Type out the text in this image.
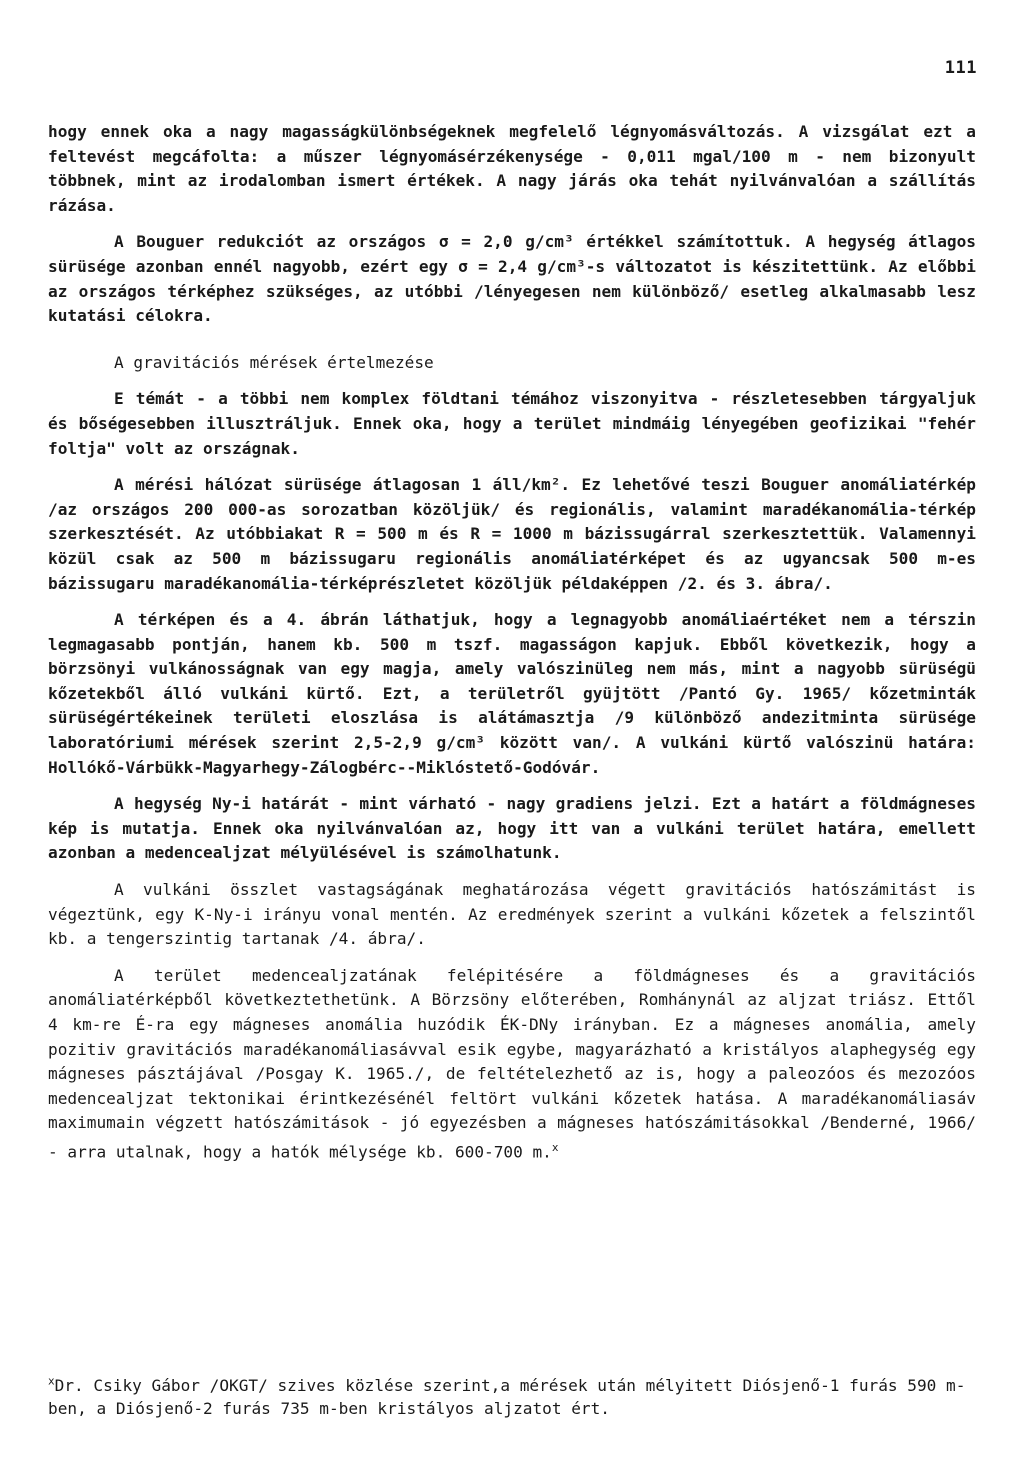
111

hogy ennek oka a nagy magasságkülönbségeknek megfelelő légnyomásváltozás. A vizsgálat ezt a feltevést megcáfolta: a műszer légnyomásérzékenysége - 0,011 mgal/100 m - nem bizonyult többnek, mint az irodalomban ismert értékek. A nagy járás oka tehát nyilvánvalóan a szállítás rázása.

A Bouguer redukciót az országos σ = 2,0 g/cm³ értékkel számítottuk. A hegység átlagos sürüsége azonban ennél nagyobb, ezért egy σ = 2,4 g/cm³-s változatot is készitettünk. Az előbbi az országos térképhez szükséges, az utóbbi /lényegesen nem különböző/ esetleg alkalmasabb lesz kutatási célokra.

A gravitációs mérések értelmezése

E témát - a többi nem komplex földtani témához viszonyitva - részletesebben tárgyaljuk és bőségesebben illusztráljuk. Ennek oka, hogy a terület mindmáig lényegében geofizikai "fehér foltja" volt az országnak.

A mérési hálózat sürüsége átlagosan 1 áll/km². Ez lehetővé teszi Bouguer anomáliatérkép /az országos 200 000-as sorozatban közöljük/ és regionális, valamint maradékanomália-térkép szerkesztését. Az utóbbiakat R = 500 m és R = 1000 m bázissugárral szerkesztettük. Valamennyi közül csak az 500 m bázissugaru regionális anomáliatérképet és az ugyancsak 500 m-es bázissugaru maradékanomália-térképrészletet közöljük példaképpen /2. és 3. ábra/.

A térképen és a 4. ábrán láthatjuk, hogy a legnagyobb anomáliaértéket nem a térszin legmagasabb pontján, hanem kb. 500 m tszf. magasságon kapjuk. Ebből következik, hogy a börzsönyi vulkánosságnak van egy magja, amely valószinüleg nem más, mint a nagyobb sürüségü kőzetekből álló vulkáni kürtő. Ezt, a területről gyüjtött /Pantó Gy. 1965/ kőzetminták sürüségértékeinek területi eloszlása is alátámasztja /9 különböző andezitminta sürüsége laboratóriumi mérések szerint 2,5-2,9 g/cm³ között van/. A vulkáni kürtő valószinü határa: Hollókő-Várbükk-Magyarhegy-Zálogbérc--Miklóstető-Godóvár.

A hegység Ny-i határát - mint várható - nagy gradiens jelzi. Ezt a határt a földmágneses kép is mutatja. Ennek oka nyilvánvalóan az, hogy itt van a vulkáni terület határa, emellett azonban a medencealjzat mélyülésével is számolhatunk.

A vulkáni összlet vastagságának meghatározása végett gravitációs hatószámitást is végeztünk, egy K-Ny-i irányu vonal mentén. Az eredmények szerint a vulkáni kőzetek a felszintől kb. a tengerszintig tartanak /4. ábra/.

A terület medencealjzatának felépitésére a földmágneses és a gravitációs anomáliatérképből következtethetünk. A Börzsöny előterében, Romhánynál az aljzat triász. Ettől 4 km-re É-ra egy mágneses anomália huzódik ÉK-DNy irányban. Ez a mágneses anomália, amely pozitiv gravitációs maradékanomáliasávval esik egybe, magyarázható a kristályos alaphegység egy mágneses pásztájával /Posgay K. 1965./, de feltételezhető az is, hogy a paleozóos és mezozóos medencealjzat tektonikai érintkezésénél feltört vulkáni kőzetek hatása. A maradékanomáliasáv maximumain végzett hatószámitások - jó egyezésben a mágneses hatószámitásokkal /Benderné, 1966/ - arra utalnak, hogy a hatók mélysége kb. 600-700 m.$^x$

$^x$Dr. Csiky Gábor /OKGT/ szives közlése szerint,a mérések után mélyitett Diósjenő-1 furás 590 m-ben, a Diósjenő-2 furás 735 m-ben kristályos aljzatot ért.
